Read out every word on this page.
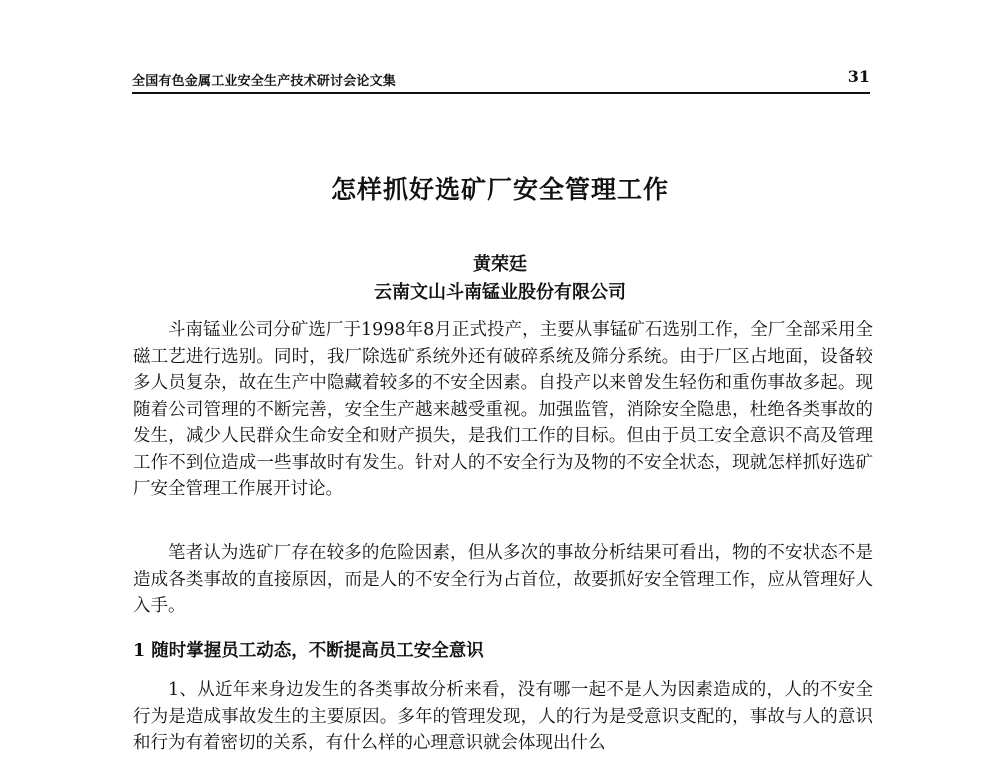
全国有色金属工业安全生产技术研讨会论文集	31
怎样抓好选矿厂安全管理工作
黄荣廷
云南文山斗南锰业股份有限公司

斗南锰业公司分矿选厂于1998年8月正式投产，主要从事锰矿石选别工作，全厂全部采用全磁工艺进行选别。同时，我厂除选矿系统外还有破碎系统及筛分系统。由于厂区占地面，设备较多人员复杂，故在生产中隐藏着较多的不安全因素。自投产以来曾发生轻伤和重伤事故多起。现随着公司管理的不断完善，安全生产越来越受重视。加强监管，消除安全隐患，杜绝各类事故的发生，减少人民群众生命安全和财产损失，是我们工作的目标。但由于员工安全意识不高及管理工作不到位造成一些事故时有发生。针对人的不安全行为及物的不安全状态，现就怎样抓好选矿厂安全管理工作展开讨论。

笔者认为选矿厂存在较多的危险因素，但从多次的事故分析结果可看出，物的不安状态不是造成各类事故的直接原因，而是人的不安全行为占首位，故要抓好安全管理工作，应从管理好人入手。

1 随时掌握员工动态，不断提高员工安全意识

1、从近年来身边发生的各类事故分析来看，没有哪一起不是人为因素造成的，人的不安全行为是造成事故发生的主要原因。多年的管理发现，人的行为是受意识支配的，事故与人的意识和行为有着密切的关系，有什么样的心理意识就会体现出什么
